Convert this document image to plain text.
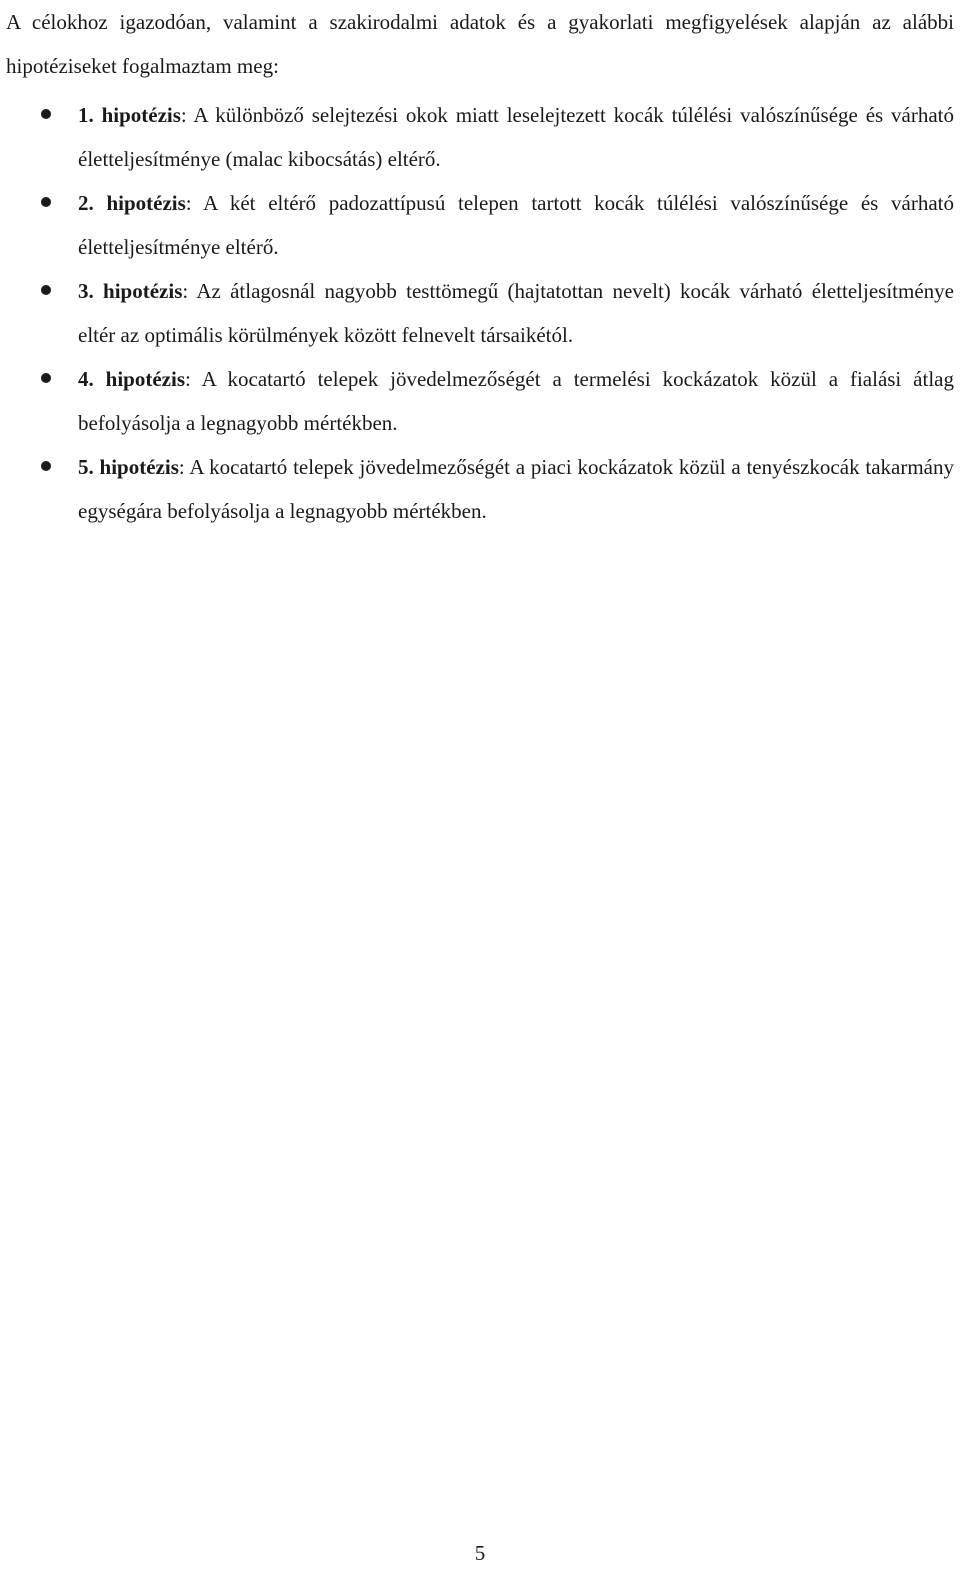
A célokhoz igazodóan, valamint a szakirodalmi adatok és a gyakorlati megfigyelések alapján az alábbi hipotéziseket fogalmaztam meg:

1. hipotézis: A különböző selejtezési okok miatt leselejtezett kocák túlélési valószínűsége és várható életteljesítménye (malac kibocsátás) eltérő.
2. hipotézis: A két eltérő padozattípusú telepen tartott kocák túlélési valószínűsége és várható életteljesítménye eltérő.
3. hipotézis: Az átlagosnál nagyobb testtömegű (hajtatottan nevelt) kocák várható életteljesítménye eltér az optimális körülmények között felnevelt társaikétól.
4. hipotézis: A kocatartó telepek jövedelmezőségét a termelési kockázatok közül a fialási átlag befolyásolja a legnagyobb mértékben.
5. hipotézis: A kocatartó telepek jövedelmezőségét a piaci kockázatok közül a tenyészkocák takarmány egységára befolyásolja a legnagyobb mértékben.
5
